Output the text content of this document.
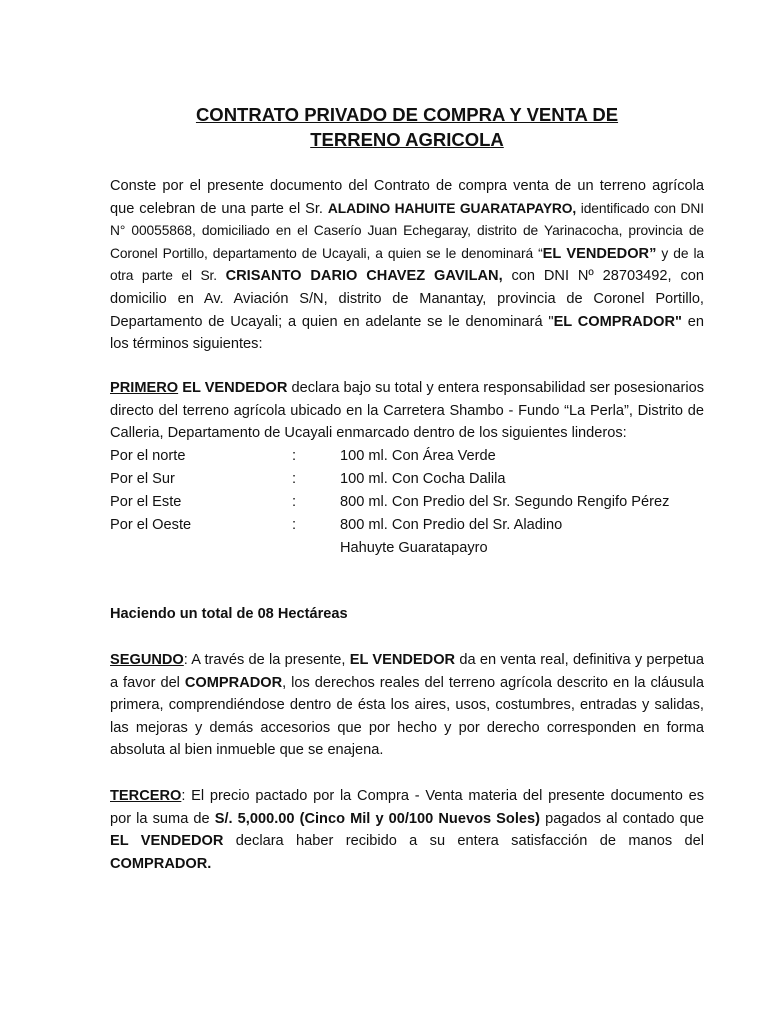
CONTRATO PRIVADO DE COMPRA Y VENTA DE
TERRENO AGRICOLA

Conste por el presente documento del Contrato de compra venta de un terreno agrícola que celebran de una parte el Sr. ALADINO HAHUITE GUARATAPAYRO, identificado con DNI N° 00055868, domiciliado en el Caserío Juan Echegaray, distrito de Yarinacocha, provincia de Coronel Portillo, departamento de Ucayali, a quien se le denominará “EL VENDEDOR” y de la otra parte el Sr. CRISANTO DARIO CHAVEZ GAVILAN, con DNI Nº 28703492, con domicilio en Av. Aviación S/N, distrito de Manantay, provincia de Coronel Portillo, Departamento de Ucayali; a quien en adelante se le denominará "EL COMPRADOR" en los términos siguientes:

PRIMERO EL VENDEDOR declara bajo su total y entera responsabilidad ser posesionarios directo del terreno agrícola ubicado en la Carretera Shambo - Fundo “La Perla”, Distrito de Calleria, Departamento de Ucayali enmarcado dentro de los siguientes linderos:

Por el norte	:	100 ml. Con Área Verde
Por el Sur	:	100 ml. Con Cocha Dalila
Por el Este	:	800 ml. Con Predio del Sr. Segundo Rengifo Pérez
Por el Oeste	:	800 ml. Con Predio del Sr. Aladino
Hahuyte Guaratapayro

Haciendo un total de 08 Hectáreas

SEGUNDO: A través de la presente, EL VENDEDOR da en venta real, definitiva y perpetua a favor del COMPRADOR, los derechos reales del terreno agrícola descrito en la cláusula primera, comprendiéndose dentro de ésta los aires, usos, costumbres, entradas y salidas, las mejoras y demás accesorios que por hecho y por derecho corresponden en forma absoluta al bien inmueble que se enajena.

TERCERO: El precio pactado por la Compra - Venta materia del presente documento es por la suma de S/. 5,000.00 (Cinco Mil y 00/100 Nuevos Soles) pagados al contado que EL VENDEDOR declara haber recibido a su entera satisfacción de manos del COMPRADOR.
